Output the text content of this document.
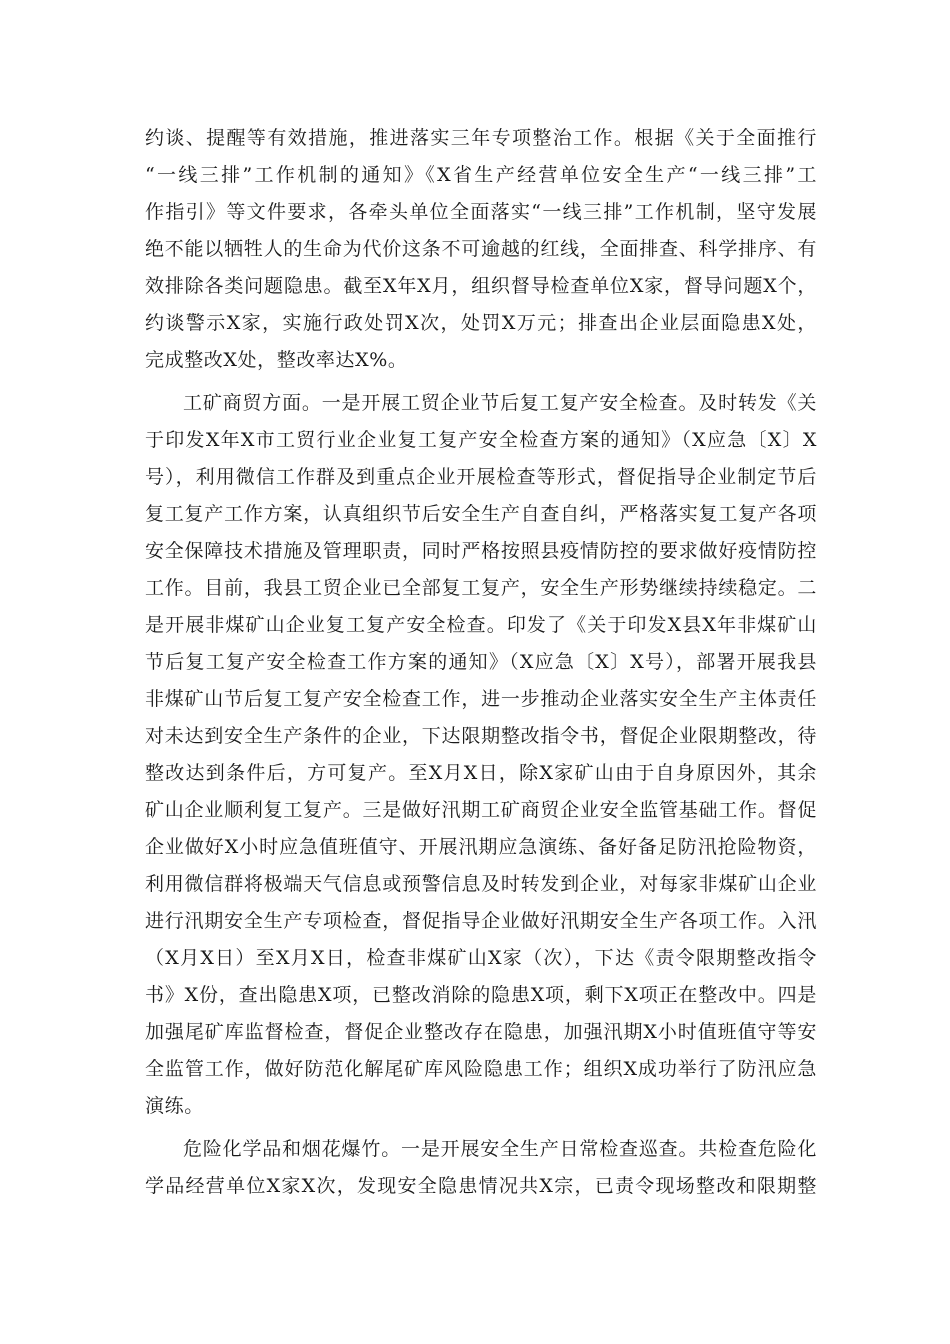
约谈、提醒等有效措施，推进落实三年专项整治工作。根据《关于全面推行
“一线三排”工作机制的通知》《X省生产经营单位安全生产“一线三排”工
作指引》等文件要求，各牵头单位全面落实“一线三排”工作机制，坚守发展
绝不能以牺牲人的生命为代价这条不可逾越的红线，全面排查、科学排序、有
效排除各类问题隐患。截至X年X月，组织督导检查单位X家，督导问题X个，
约谈警示X家，实施行政处罚X次，处罚X万元；排查出企业层面隐患X处，
完成整改X处，整改率达X%。
工矿商贸方面。一是开展工贸企业节后复工复产安全检查。及时转发《关
于印发X年X市工贸行业企业复工复产安全检查方案的通知》（X应急〔X〕X
号），利用微信工作群及到重点企业开展检查等形式，督促指导企业制定节后
复工复产工作方案，认真组织节后安全生产自查自纠，严格落实复工复产各项
安全保障技术措施及管理职责，同时严格按照县疫情防控的要求做好疫情防控
工作。目前，我县工贸企业已全部复工复产，安全生产形势继续持续稳定。二
是开展非煤矿山企业复工复产安全检查。印发了《关于印发X县X年非煤矿山
节后复工复产安全检查工作方案的通知》（X应急〔X〕X号），部署开展我县
非煤矿山节后复工复产安全检查工作，进一步推动企业落实安全生产主体责任
对未达到安全生产条件的企业，下达限期整改指令书，督促企业限期整改，待
整改达到条件后，方可复产。至X月X日，除X家矿山由于自身原因外，其余
矿山企业顺利复工复产。三是做好汛期工矿商贸企业安全监管基础工作。督促
企业做好X小时应急值班值守、开展汛期应急演练、备好备足防汛抢险物资，
利用微信群将极端天气信息或预警信息及时转发到企业，对每家非煤矿山企业
进行汛期安全生产专项检查，督促指导企业做好汛期安全生产各项工作。入汛
（X月X日）至X月X日，检查非煤矿山X家（次），下达《责令限期整改指令
书》X份，查出隐患X项，已整改消除的隐患X项，剩下X项正在整改中。四是
加强尾矿库监督检查，督促企业整改存在隐患，加强汛期X小时值班值守等安
全监管工作，做好防范化解尾矿库风险隐患工作；组织X成功举行了防汛应急
演练。
危险化学品和烟花爆竹。一是开展安全生产日常检查巡查。共检查危险化
学品经营单位X家X次，发现安全隐患情况共X宗，已责令现场整改和限期整
